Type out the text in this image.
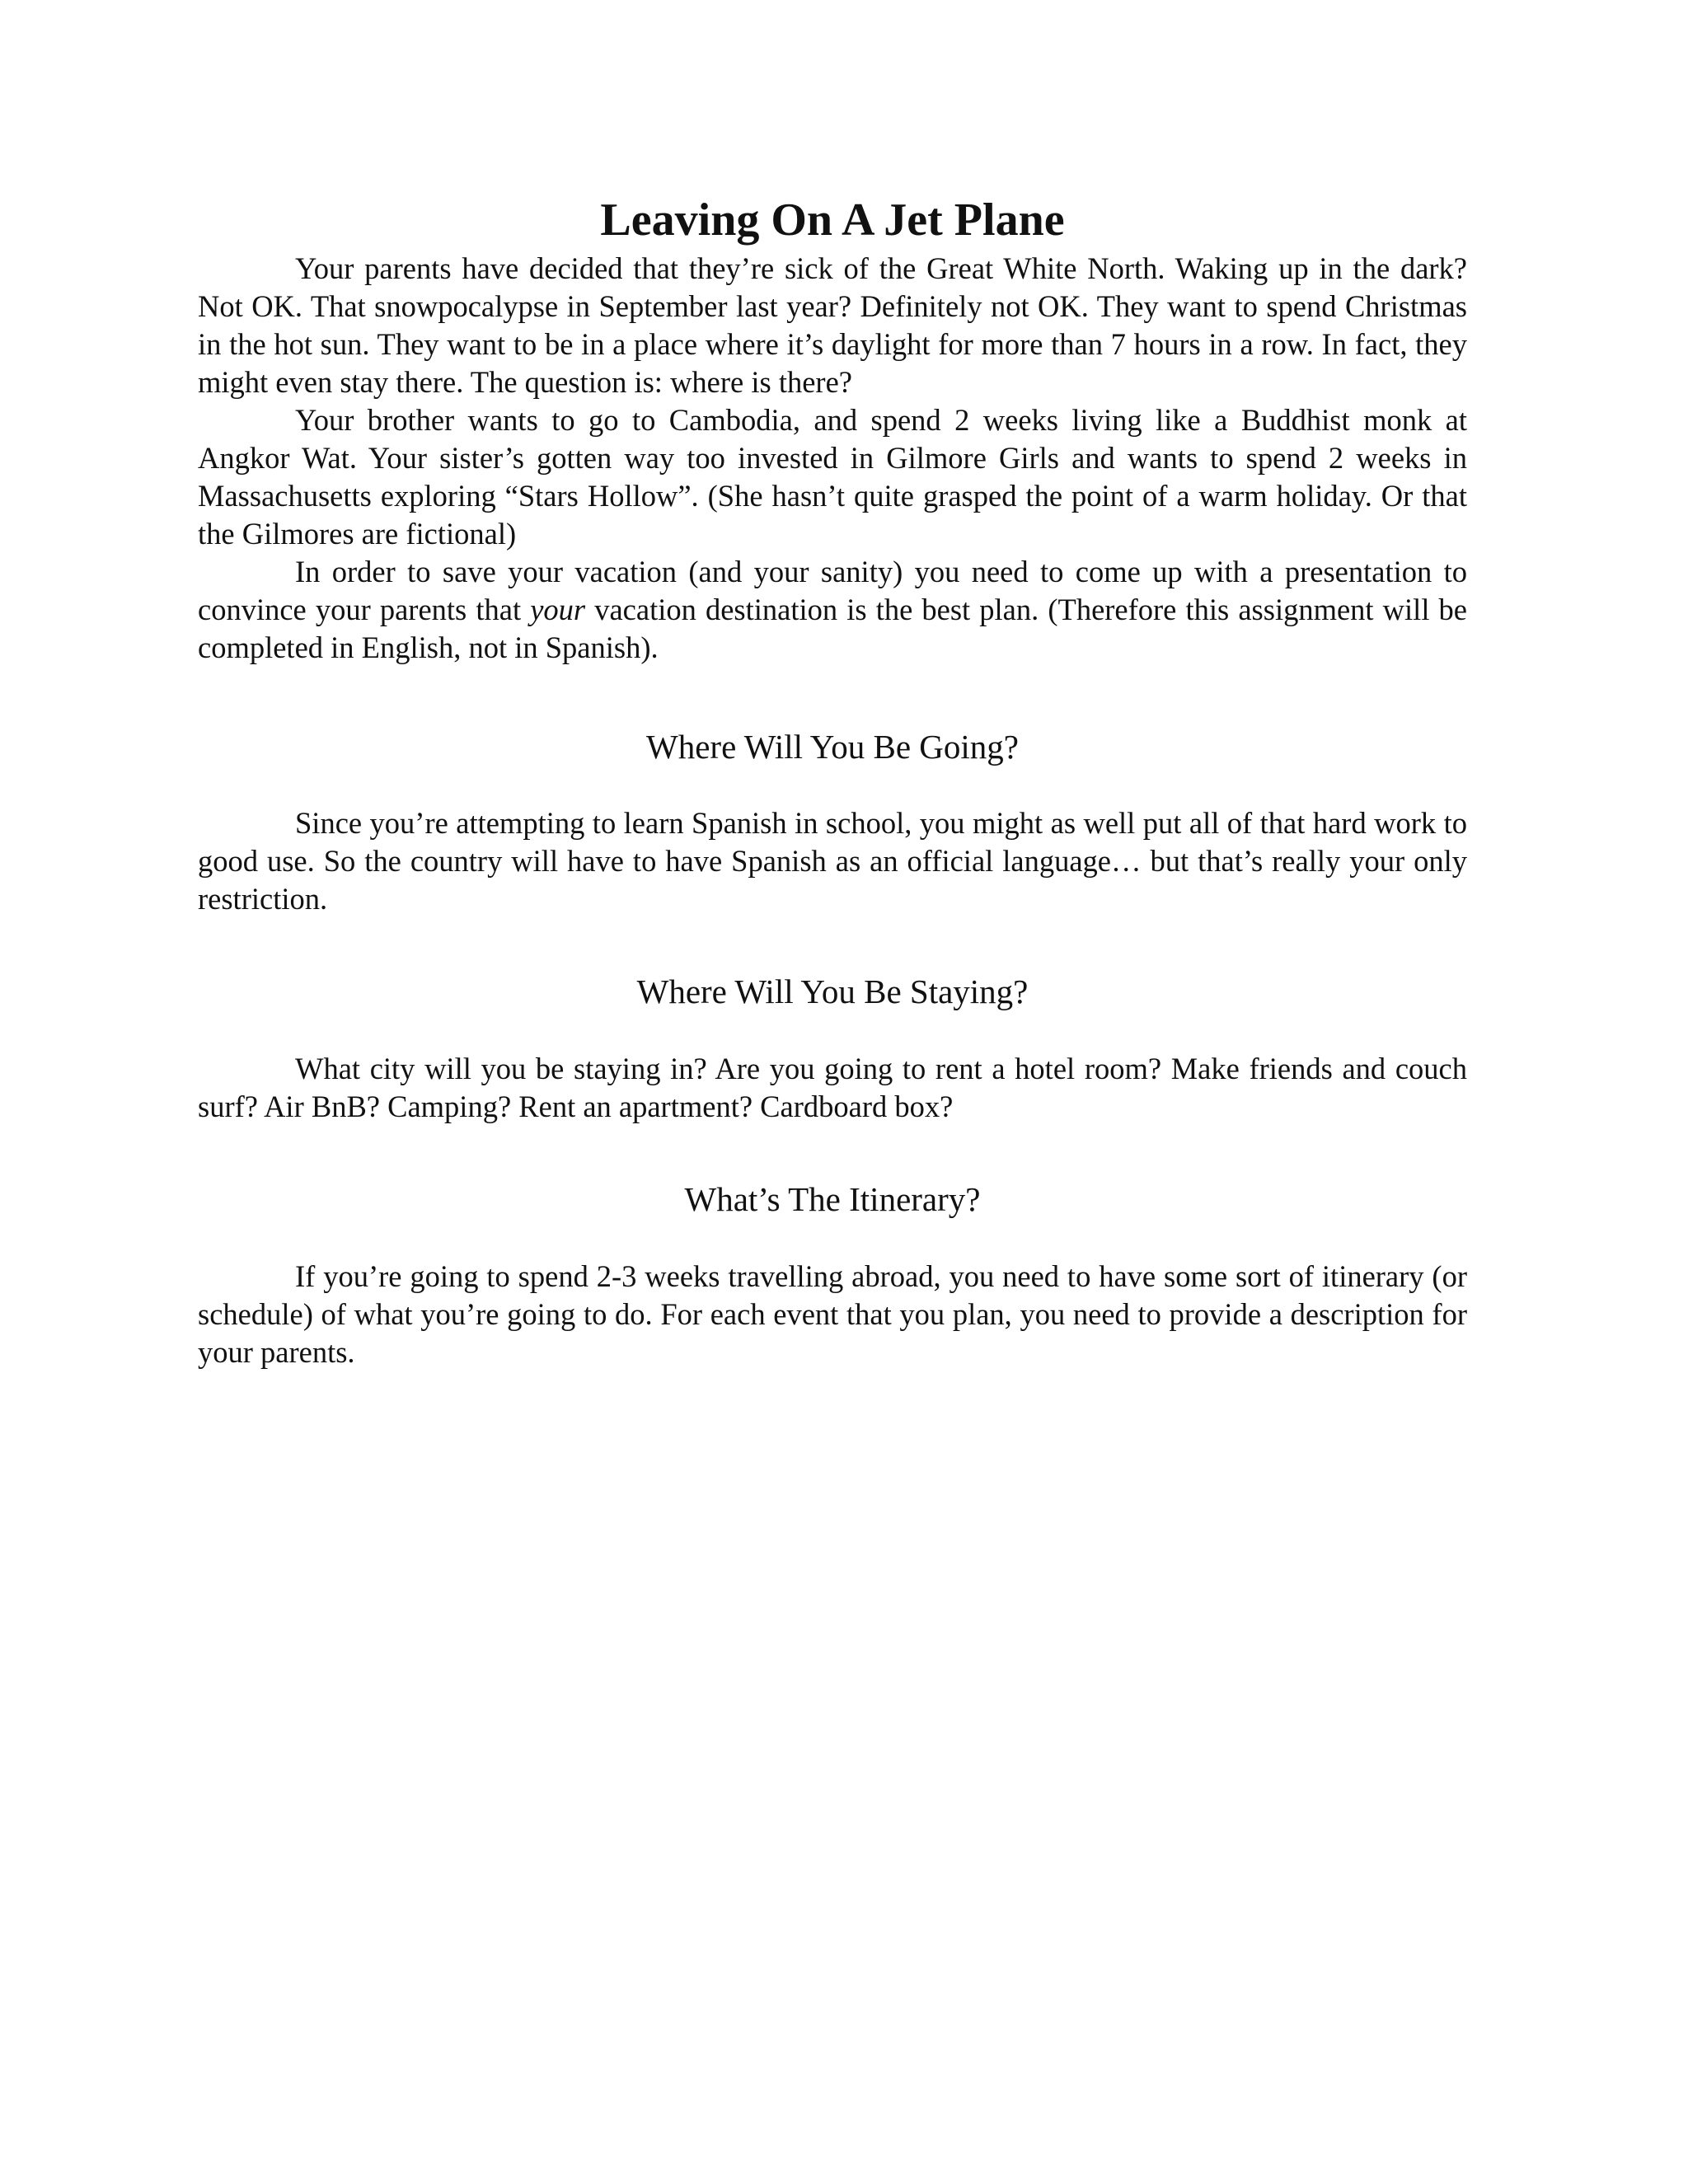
Leaving On A Jet Plane

Your parents have decided that they’re sick of the Great White North. Waking up in the dark? Not OK. That snowpocalypse in September last year? Definitely not OK. They want to spend Christmas in the hot sun. They want to be in a place where it’s daylight for more than 7 hours in a row. In fact, they might even stay there. The question is: where is there?

Your brother wants to go to Cambodia, and spend 2 weeks living like a Buddhist monk at Angkor Wat. Your sister’s gotten way too invested in Gilmore Girls and wants to spend 2 weeks in Massachusetts exploring “Stars Hollow”. (She hasn’t quite grasped the point of a warm holiday. Or that the Gilmores are fictional)

In order to save your vacation (and your sanity) you need to come up with a presentation to convince your parents that your vacation destination is the best plan. (Therefore this assignment will be completed in English, not in Spanish).

Where Will You Be Going?

Since you’re attempting to learn Spanish in school, you might as well put all of that hard work to good use. So the country will have to have Spanish as an official language… but that’s really your only restriction.

Where Will You Be Staying?

What city will you be staying in? Are you going to rent a hotel room? Make friends and couch surf? Air BnB? Camping? Rent an apartment? Cardboard box?

What’s The Itinerary?

If you’re going to spend 2-3 weeks travelling abroad, you need to have some sort of itinerary (or schedule) of what you’re going to do. For each event that you plan, you need to provide a description for your parents.
